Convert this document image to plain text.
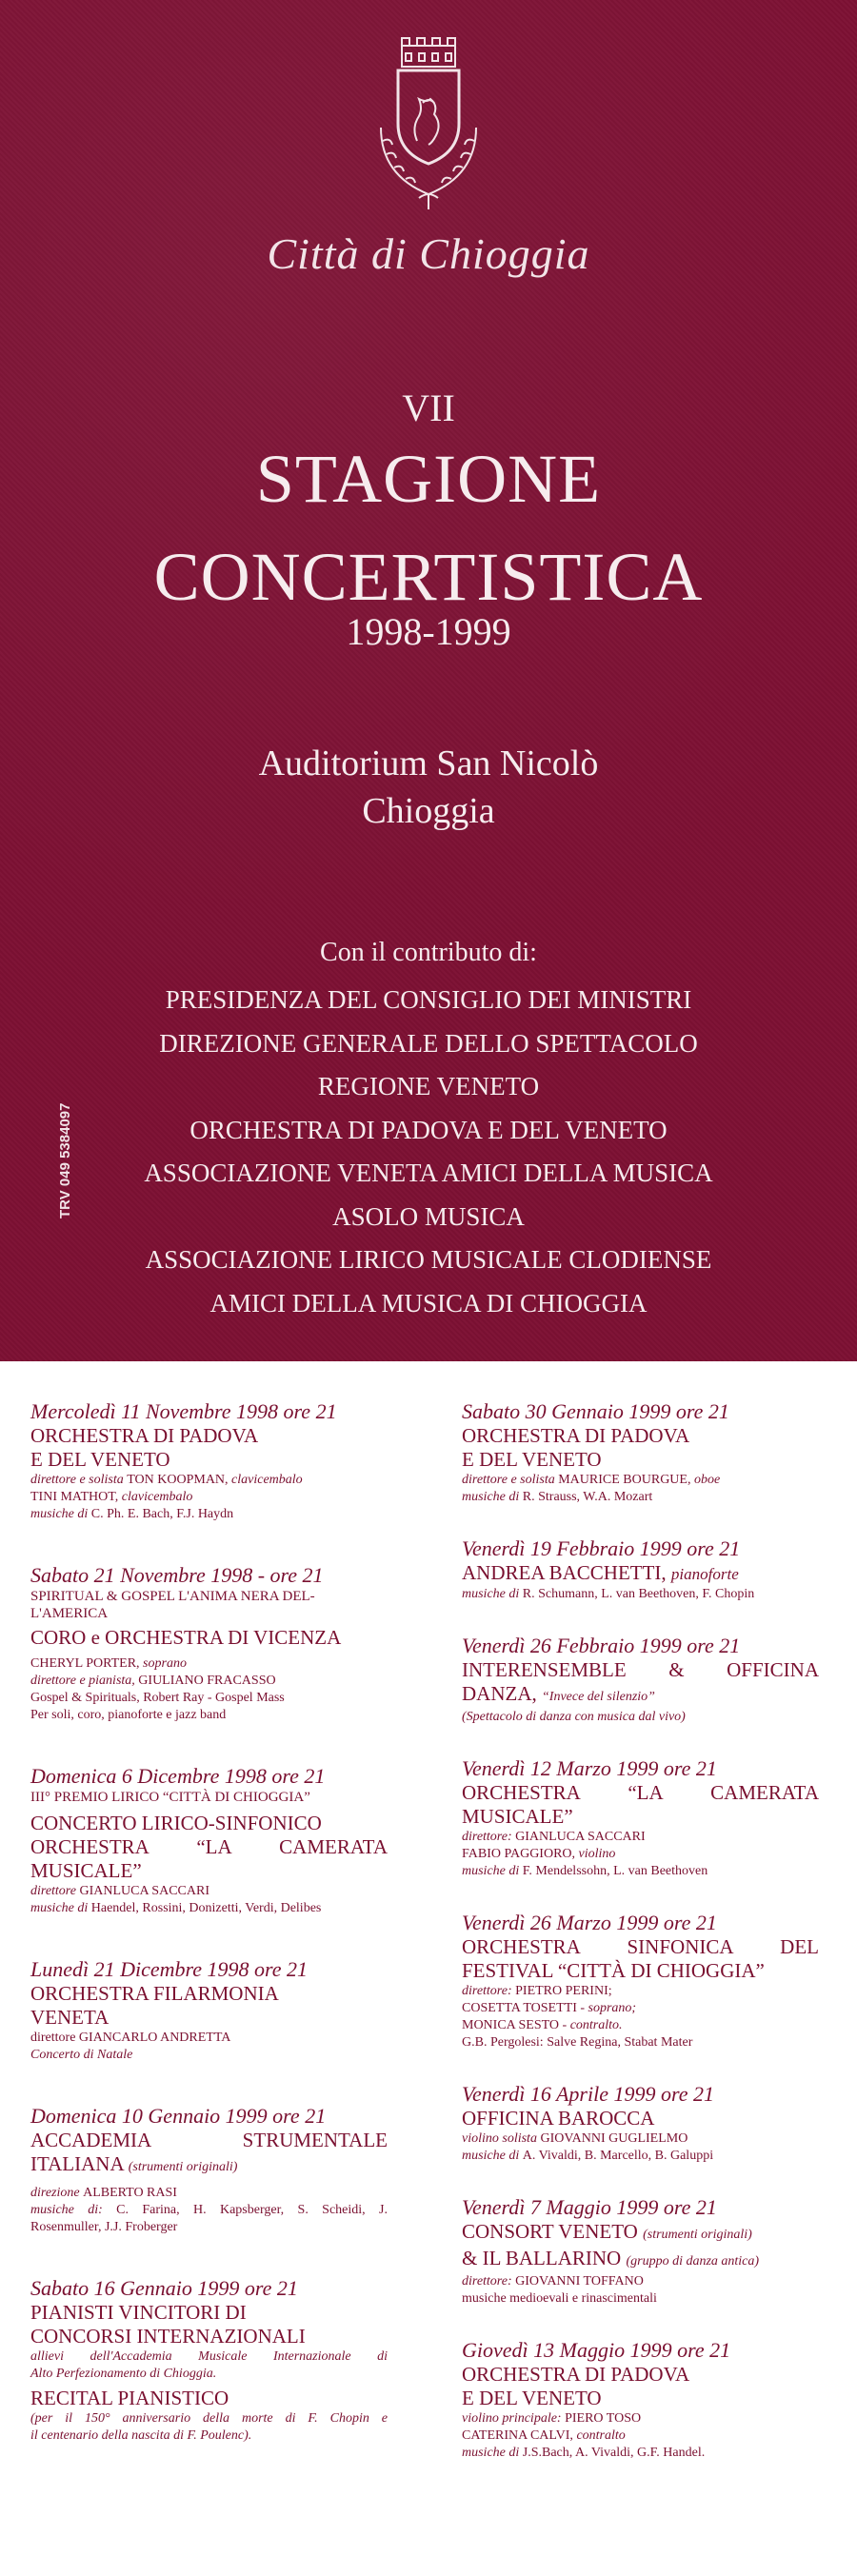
Città di Chioggia
VII
STAGIONE
CONCERTISTICA
1998-1999
Auditorium San Nicolò
Chioggia
Con il contributo di:
PRESIDENZA DEL CONSIGLIO DEI MINISTRI
DIREZIONE GENERALE DELLO SPETTACOLO
REGIONE VENETO
ORCHESTRA DI PADOVA E DEL VENETO
ASSOCIAZIONE VENETA AMICI DELLA MUSICA
ASOLO MUSICA
ASSOCIAZIONE LIRICO MUSICALE CLODIENSE
AMICI DELLA MUSICA DI CHIOGGIA
TRV 049 5384097
Mercoledì 11 Novembre 1998 ore 21
ORCHESTRA DI PADOVA
E DEL VENETO
direttore e solista TON KOOPMAN, clavicembalo
TINI MATHOT, clavicembalo
musiche di C. Ph. E. Bach, F.J. Haydn
Sabato 21 Novembre 1998 - ore 21
SPIRITUAL & GOSPEL L'ANIMA NERA DEL-
L'AMERICA
CORO e ORCHESTRA DI VICENZA
CHERYL PORTER, soprano
direttore e pianista, GIULIANO FRACASSO
Gospel & Spirituals, Robert Ray - Gospel Mass
Per soli, coro, pianoforte e jazz band
Domenica 6 Dicembre 1998 ore 21
III° PREMIO LIRICO “CITTÀ DI CHIOGGIA”
CONCERTO LIRICO-SINFONICO
ORCHESTRA “LA CAMERATA
MUSICALE”
direttore GIANLUCA SACCARI
musiche di Haendel, Rossini, Donizetti, Verdi, Delibes
Lunedì 21 Dicembre 1998 ore 21
ORCHESTRA FILARMONIA
VENETA
direttore GIANCARLO ANDRETTA
Concerto di Natale
Domenica 10 Gennaio 1999 ore 21
ACCADEMIA STRUMENTALE
ITALIANA (strumenti originali)
direzione ALBERTO RASI
musiche di: C. Farina, H. Kapsberger, S. Scheidi, J.
Rosenmuller, J.J. Froberger
Sabato 16 Gennaio 1999 ore 21
PIANISTI VINCITORI DI
CONCORSI INTERNAZIONALI
allievi dell'Accademia Musicale Internazionale di
Alto Perfezionamento di Chioggia.
RECITAL PIANISTICO
(per il 150° anniversario della morte di F. Chopin e
il centenario della nascita di F. Poulenc).
Sabato 30 Gennaio 1999 ore 21
ORCHESTRA DI PADOVA
E DEL VENETO
direttore e solista MAURICE BOURGUE, oboe
musiche di R. Strauss, W.A. Mozart
Venerdì 19 Febbraio 1999 ore 21
ANDREA BACCHETTI, pianoforte
musiche di R. Schumann, L. van Beethoven, F. Chopin
Venerdì 26 Febbraio 1999 ore 21
INTERENSEMBLE & OFFICINA
DANZA, “Invece del silenzio”
(Spettacolo di danza con musica dal vivo)
Venerdì 12 Marzo 1999 ore 21
ORCHESTRA “LA CAMERATA
MUSICALE”
direttore: GIANLUCA SACCARI
FABIO PAGGIORO, violino
musiche di F. Mendelssohn, L. van Beethoven
Venerdì 26 Marzo 1999 ore 21
ORCHESTRA SINFONICA DEL
FESTIVAL “CITTÀ DI CHIOGGIA”
direttore: PIETRO PERINI;
COSETTA TOSETTI - soprano;
MONICA SESTO - contralto.
G.B. Pergolesi: Salve Regina, Stabat Mater
Venerdì 16 Aprile 1999 ore 21
OFFICINA BAROCCA
violino solista GIOVANNI GUGLIELMO
musiche di A. Vivaldi, B. Marcello, B. Galuppi
Venerdì 7 Maggio 1999 ore 21
CONSORT VENETO (strumenti originali)
& IL BALLARINO (gruppo di danza antica)
direttore: GIOVANNI TOFFANO
musiche medioevali e rinascimentali
Giovedì 13 Maggio 1999 ore 21
ORCHESTRA DI PADOVA
E DEL VENETO
violino principale: PIERO TOSO
CATERINA CALVI, contralto
musiche di J.S.Bach, A. Vivaldi, G.F. Handel.
